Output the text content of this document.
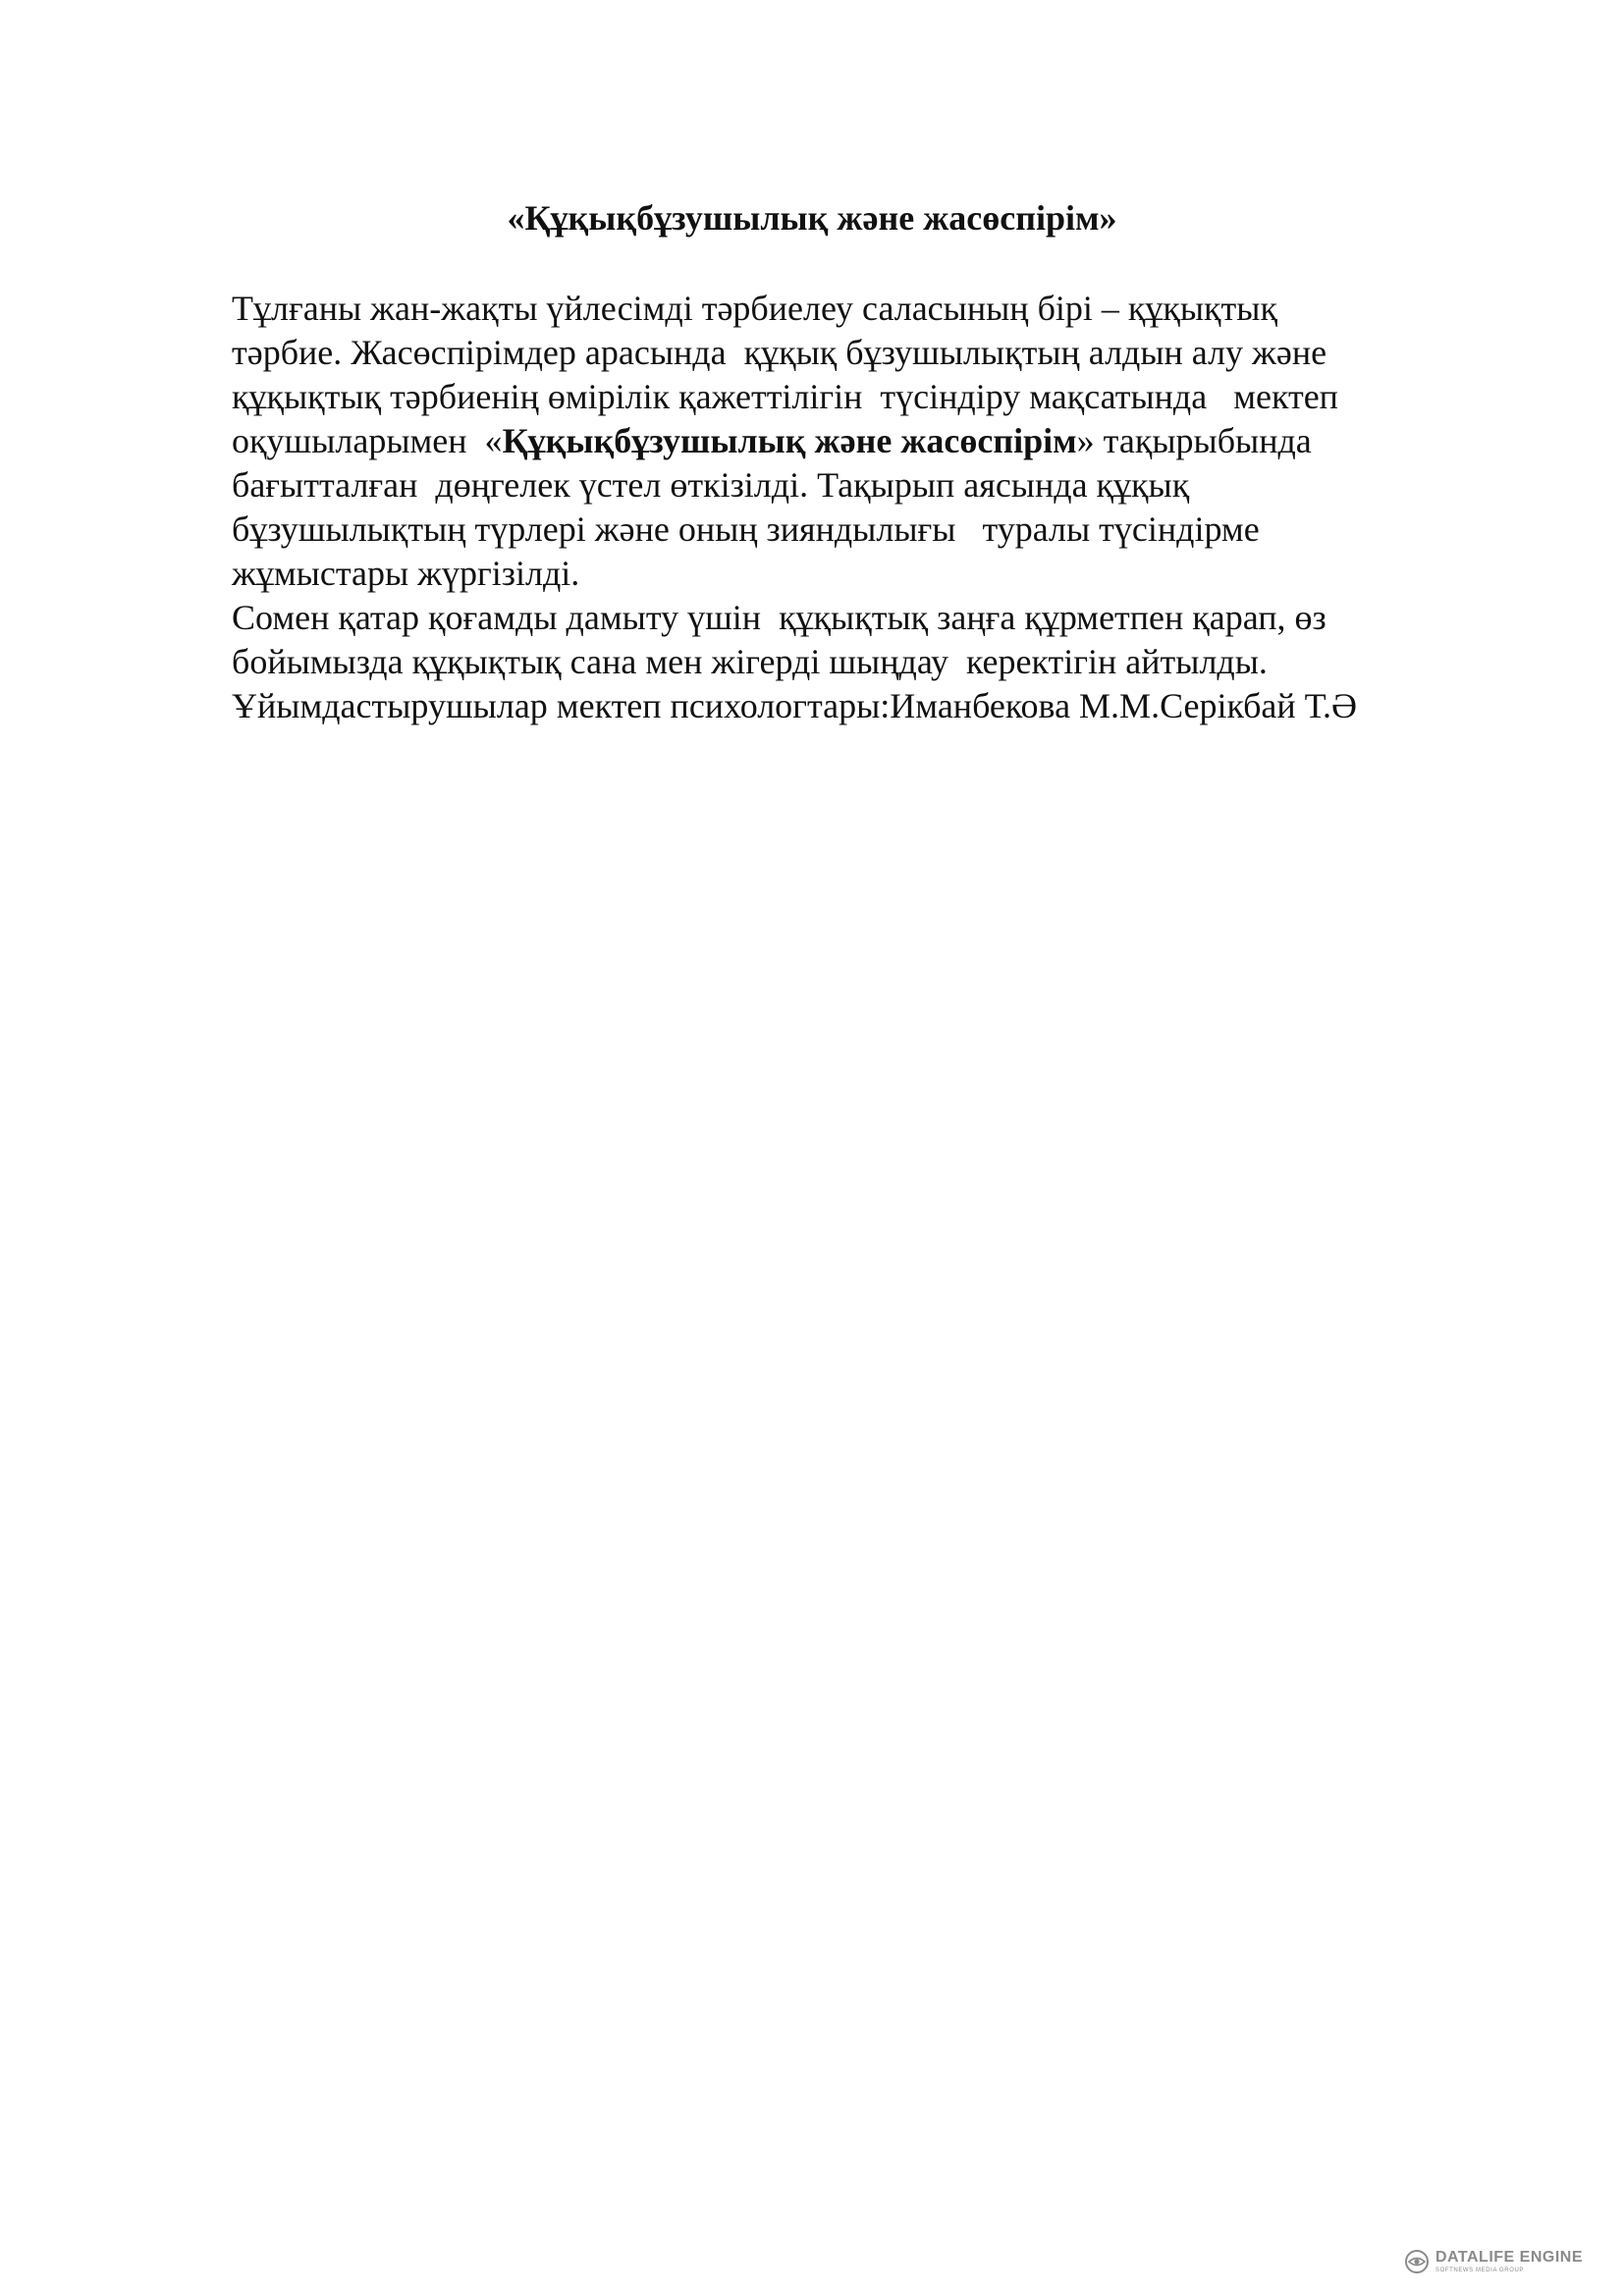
«Құқықбұзушылық және жасөспірім»

Тұлғаны жан-жақты үйлесімді тәрбиелеу саласының бірі – құқықтық

тәрбие. Жасөспірімдер арасында  құқық бұзушылықтың алдын алу және

құқықтық тәрбиенің өмірілік қажеттілігін  түсіндіру мақсатында   мектеп

оқушыларымен  «Құқықбұзушылық және жасөспірім» тақырыбында

бағытталған  дөңгелек үстел өткізілді. Тақырып аясында құқық

бұзушылықтың түрлері және оның зияндылығы   туралы түсіндірме

жұмыстары жүргізілді.

Сомен қатар қоғамды дамыту үшін  құқықтық заңға құрметпен қарап, өз

бойымызда құқықтық сана мен жігерді шыңдау  керектігін айтылды.

Ұйымдастырушылар мектеп психологтары:Иманбекова М.М.Серікбай Т.Ә

DATALIFE ENGINE
SOFTNEWS MEDIA GROUP
